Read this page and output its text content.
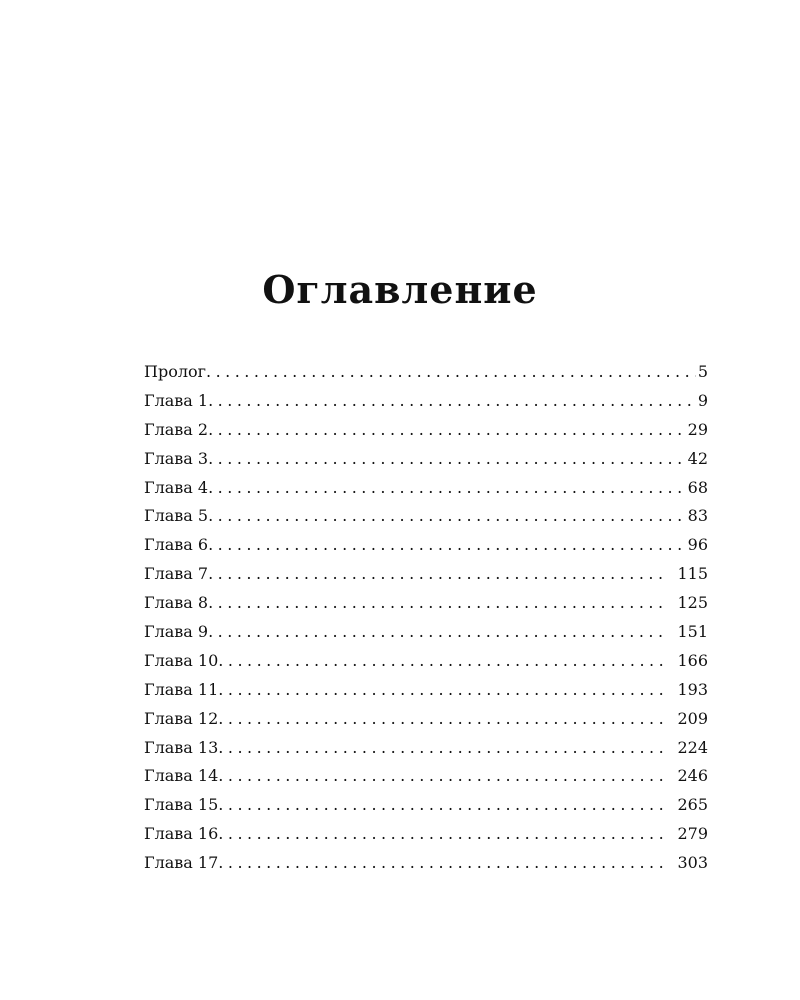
Оглавление
Пролог . . .	5
Глава 1 . . .	9
Глава 2 . . .	29
Глава 3 . . .	42
Глава 4 . . .	68
Глава 5 . . .	83
Глава 6 . . .	96
Глава 7 . . .	115
Глава 8 . . .	125
Глава 9 . . .	151
Глава 10 . . .	166
Глава 11 . . .	193
Глава 12 . . .	209
Глава 13 . . .	224
Глава 14 . . .	246
Глава 15 . . .	265
Глава 16 . . .	279
Глава 17 . . .	303
